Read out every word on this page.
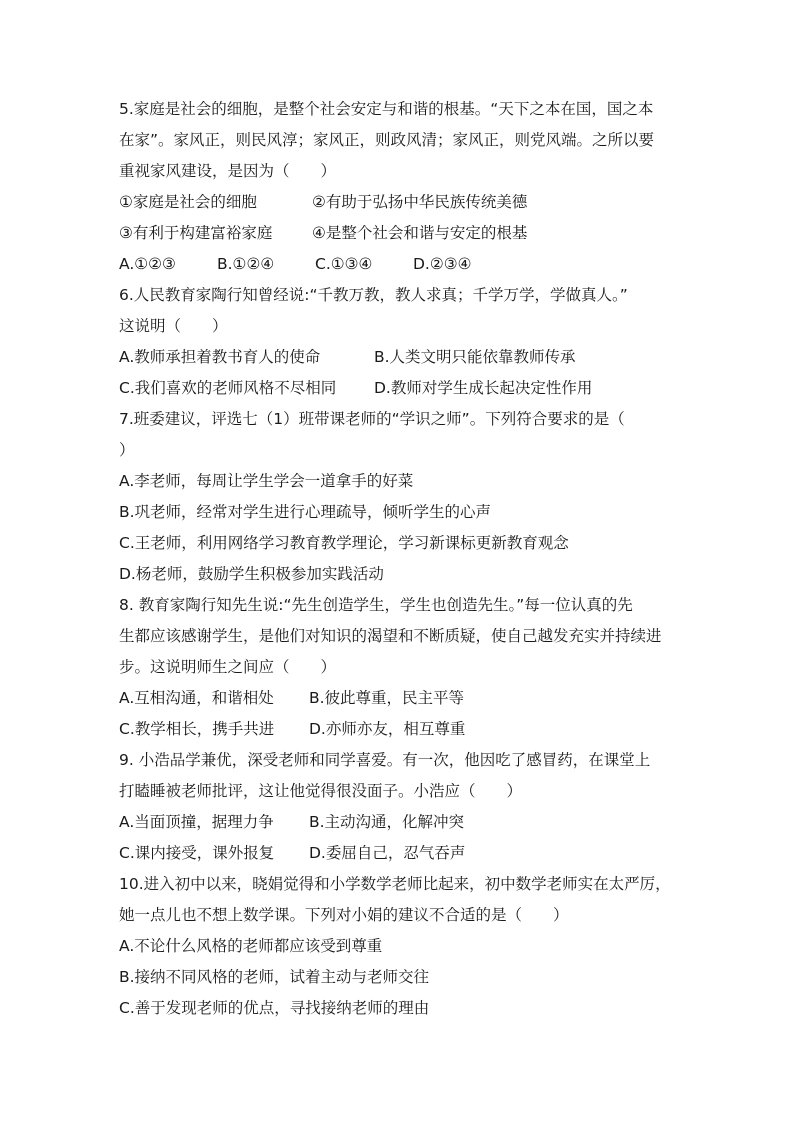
5.家庭是社会的细胞，是整个社会安定与和谐的根基。“天下之本在国，国之本
在家”。家风正，则民风淳；家风正，则政风清；家风正，则党风端。之所以要
重视家风建设，是因为（　　）
①家庭是社会的细胞	②有助于弘扬中华民族传统美德
③有利于构建富裕家庭	④是整个社会和谐与安定的根基
A.①②③	B.①②④	C.①③④	D.②③④
6.人民教育家陶行知曾经说:“千教万教，教人求真；千学万学，学做真人。”
这说明（　　）
A.教师承担着教书育人的使命	B.人类文明只能依靠教师传承
C.我们喜欢的老师风格不尽相同	D.教师对学生成长起决定性作用
7.班委建议，评选七（1）班带课老师的“学识之师”。下列符合要求的是（
）
A.李老师，每周让学生学会一道拿手的好菜
B.巩老师，经常对学生进行心理疏导，倾听学生的心声
C.王老师，利用网络学习教育教学理论，学习新课标更新教育观念
D.杨老师，鼓励学生积极参加实践活动
8. 教育家陶行知先生说:“先生创造学生，学生也创造先生。”每一位认真的先
生都应该感谢学生，是他们对知识的渴望和不断质疑，使自己越发充实并持续进
步。这说明师生之间应（　　）
A.互相沟通，和谐相处	B.彼此尊重，民主平等
C.教学相长，携手共进	D.亦师亦友，相互尊重
9. 小浩品学兼优，深受老师和同学喜爱。有一次，他因吃了感冒药，在课堂上
打瞌睡被老师批评，这让他觉得很没面子。小浩应（　　）
A.当面顶撞，据理力争	B.主动沟通，化解冲突
C.课内接受，课外报复	D.委屈自己，忍气吞声
10.进入初中以来，晓娟觉得和小学数学老师比起来，初中数学老师实在太严厉，
她一点儿也不想上数学课。下列对小娟的建议不合适的是（　　）
A.不论什么风格的老师都应该受到尊重
B.接纳不同风格的老师，试着主动与老师交往
C.善于发现老师的优点，寻找接纳老师的理由
